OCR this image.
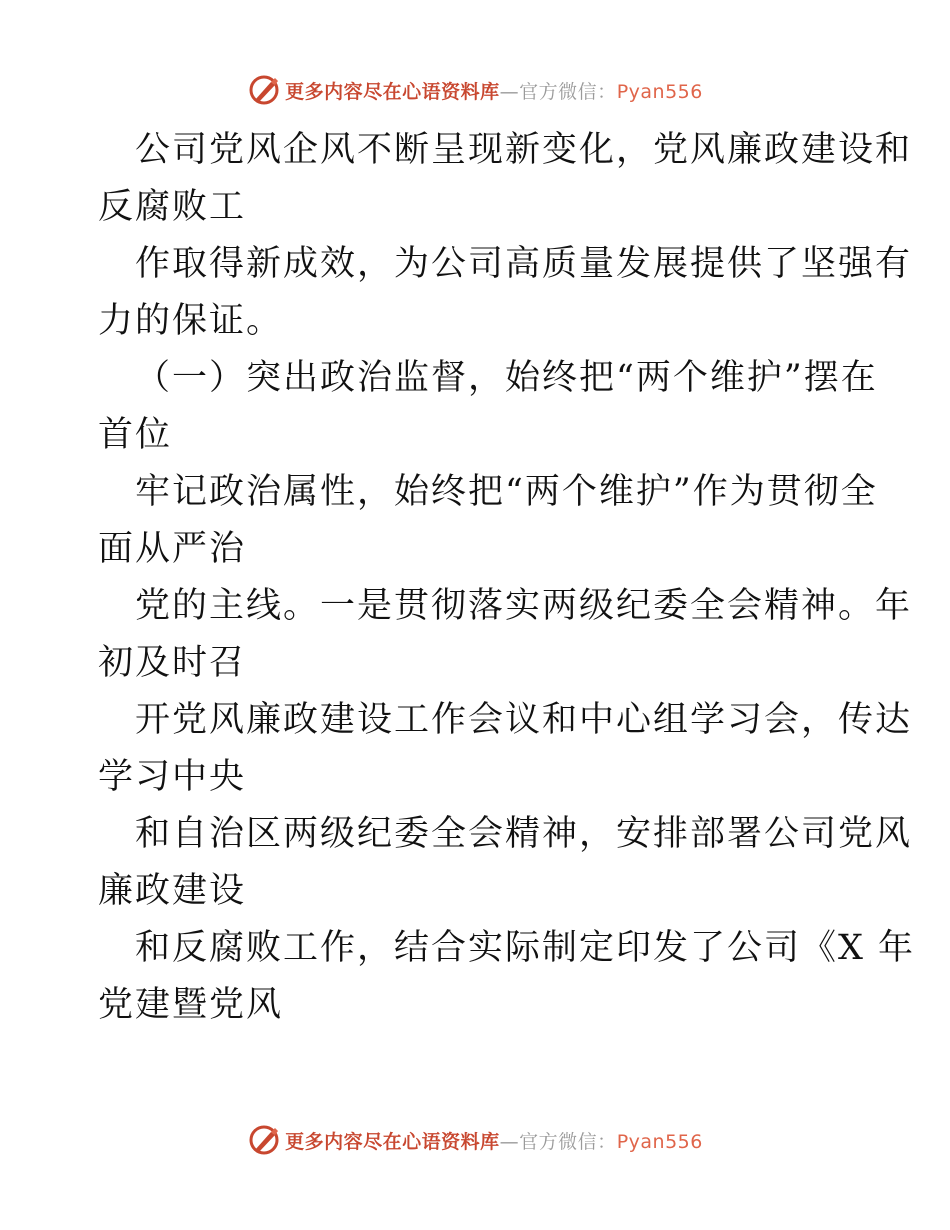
更多内容尽在心语资料库—官方微信：Pyan556
公司党风企风不断呈现新变化，党风廉政建设和
反腐败工
作取得新成效，为公司高质量发展提供了坚强有
力的保证。
（一）突出政治监督，始终把“两个维护”摆在
首位
牢记政治属性，始终把“两个维护”作为贯彻全
面从严治
党的主线。一是贯彻落实两级纪委全会精神。年
初及时召
开党风廉政建设工作会议和中心组学习会，传达
学习中央
和自治区两级纪委全会精神，安排部署公司党风
廉政建设
和反腐败工作，结合实际制定印发了公司《X 年
党建暨党风
更多内容尽在心语资料库—官方微信：Pyan556
